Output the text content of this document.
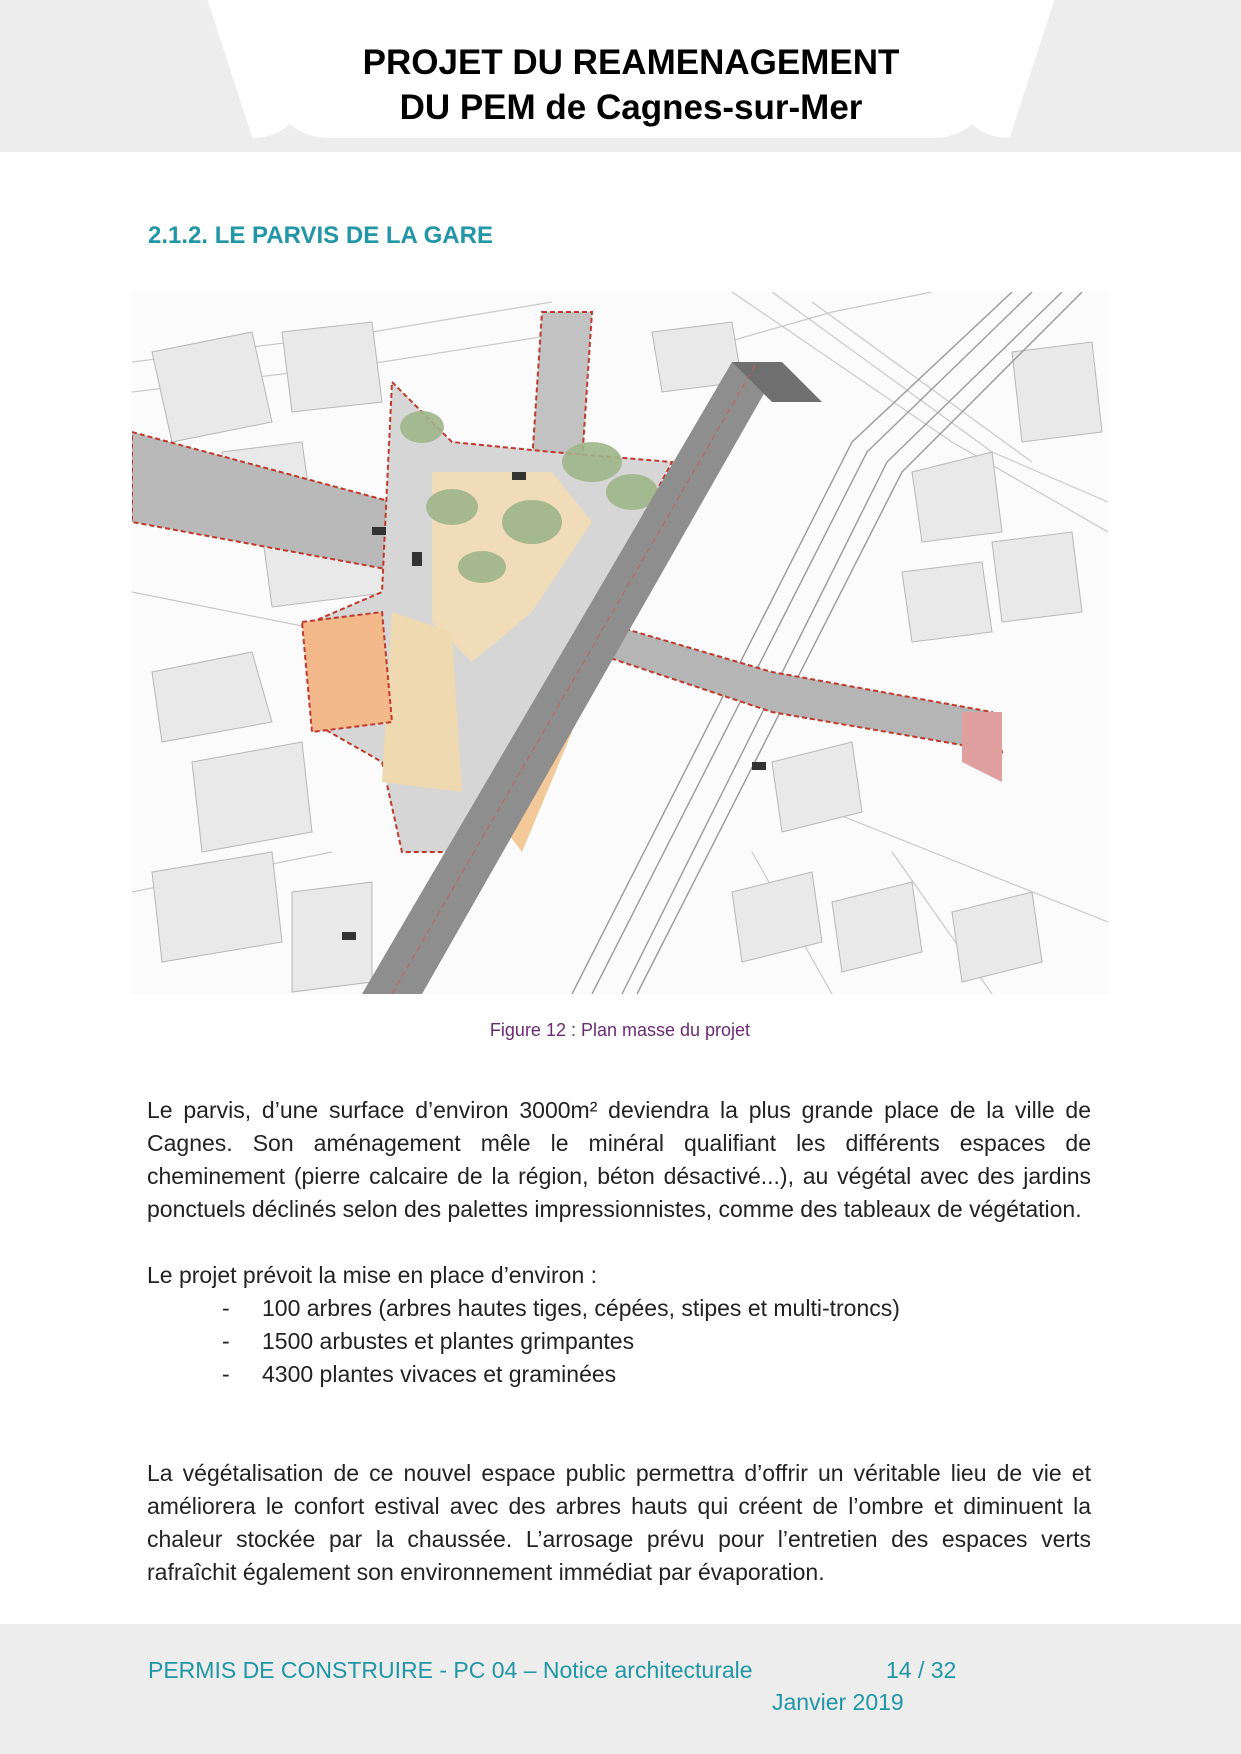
PROJET DU REAMENAGEMENT
DU PEM de Cagnes-sur-Mer
2.1.2. LE PARVIS DE LA GARE
Figure 12 : Plan masse du projet
Le parvis, d’une surface d’environ 3000m² deviendra la plus grande place de la ville de Cagnes. Son aménagement mêle le minéral qualifiant les différents espaces de cheminement (pierre calcaire de la région, béton désactivé...), au végétal avec des jardins ponctuels déclinés selon des palettes impressionnistes, comme des tableaux de végétation.
Le projet prévoit la mise en place d’environ :
- 100 arbres (arbres hautes tiges, cépées, stipes et multi-troncs)
- 1500 arbustes et plantes grimpantes
- 4300 plantes vivaces et graminées
La végétalisation de ce nouvel espace public permettra d’offrir un véritable lieu de vie et améliorera le confort estival avec des arbres hauts qui créent de l’ombre et diminuent la chaleur stockée par la chaussée. L’arrosage prévu pour l’entretien des espaces verts rafraîchit également son environnement immédiat par évaporation.
PERMIS DE CONSTRUIRE - PC 04 – Notice architecturale	14 / 32
Janvier 2019
